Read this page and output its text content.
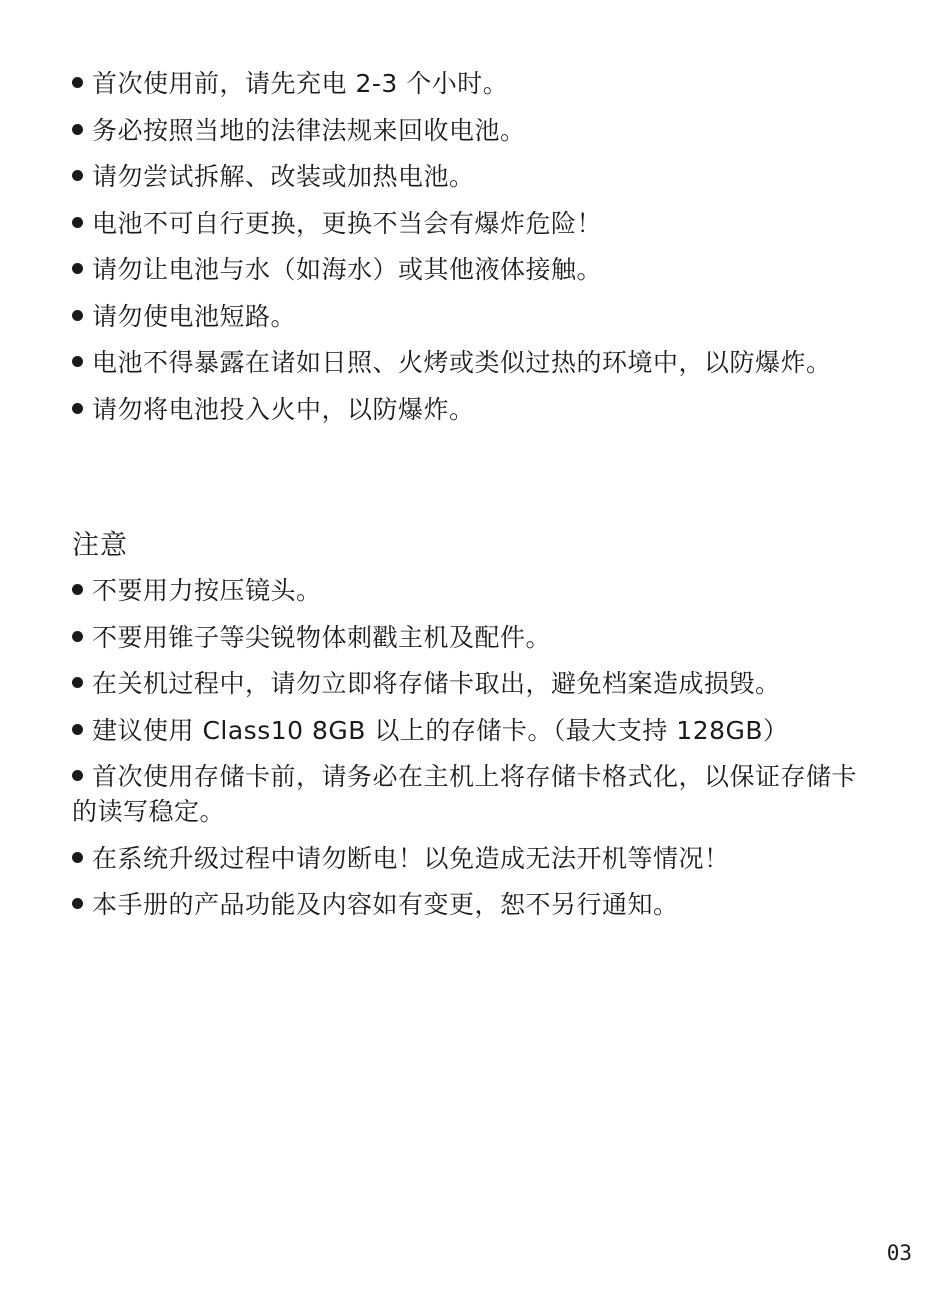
首次使用前，请先充电 2-3 个小时。
务必按照当地的法律法规来回收电池。
请勿尝试拆解、改装或加热电池。
电池不可自行更换，更换不当会有爆炸危险！
请勿让电池与水（如海水）或其他液体接触。
请勿使电池短路。
电池不得暴露在诸如日照、火烤或类似过热的环境中，以防爆炸。
请勿将电池投入火中，以防爆炸。
注意
不要用力按压镜头。
不要用锥子等尖锐物体刺戳主机及配件。
在关机过程中，请勿立即将存储卡取出，避免档案造成损毁。
建议使用 Class10 8GB 以上的存储卡。（最大支持 128GB）
首次使用存储卡前，请务必在主机上将存储卡格式化，以保证存储卡的读写稳定。
在系统升级过程中请勿断电！以免造成无法开机等情况！
本手册的产品功能及内容如有变更，恕不另行通知。
03
